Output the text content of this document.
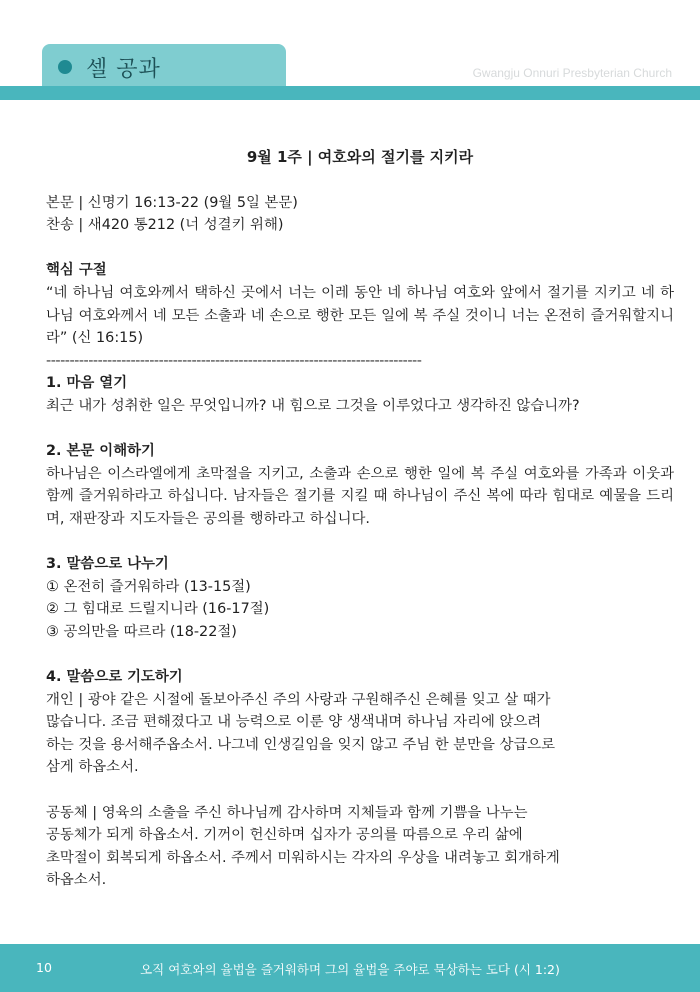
셀 공과	Gwangju Onnuri Presbyterian Church
9월 1주 | 여호와의 절기를 지키라
본문 | 신명기 16:13-22 (9월 5일 본문)
찬송 | 새420 통212 (너 성결키 위해)
핵심 구절
“네 하나님 여호와께서 택하신 곳에서 너는 이레 동안 네 하나님 여호와 앞에서 절기를 지키고 네 하나님 여호와께서 네 모든 소출과 네 손으로 행한 모든 일에 복 주실 것이니 너는 온전히 즐거워할지니라” (신 16:15)
--------------------------------------------------------------------------------
1. 마음 열기
최근 내가 성취한 일은 무엇입니까? 내 힘으로 그것을 이루었다고 생각하진 않습니까?
2. 본문 이해하기
하나님은 이스라엘에게 초막절을 지키고, 소출과 손으로 행한 일에 복 주실 여호와를 가족과 이웃과 함께 즐거워하라고 하십니다. 남자들은 절기를 지킬 때 하나님이 주신 복에 따라 힘대로 예물을 드리며, 재판장과 지도자들은 공의를 행하라고 하십니다.
3. 말씀으로 나누기
① 온전히 즐거워하라 (13-15절)
② 그 힘대로 드릴지니라 (16-17절)
③ 공의만을 따르라 (18-22절)
4. 말씀으로 기도하기
개인 | 광야 같은 시절에 돌보아주신 주의 사랑과 구원해주신 은혜를 잊고 살 때가
많습니다. 조금 편해졌다고 내 능력으로 이룬 양 생색내며 하나님 자리에 앉으려
하는 것을 용서해주옵소서. 나그네 인생길임을 잊지 않고 주님 한 분만을 상급으로
삼게 하옵소서.
공동체 | 영육의 소출을 주신 하나님께 감사하며 지체들과 함께 기쁨을 나누는
공동체가 되게 하옵소서. 기꺼이 헌신하며 십자가 공의를 따름으로 우리 삶에
초막절이 회복되게 하옵소서. 주께서 미워하시는 각자의 우상을 내려놓고 회개하게
하옵소서.
10	오직 여호와의 율법을 즐거워하며 그의 율법을 주야로 묵상하는 도다 (시 1:2)
